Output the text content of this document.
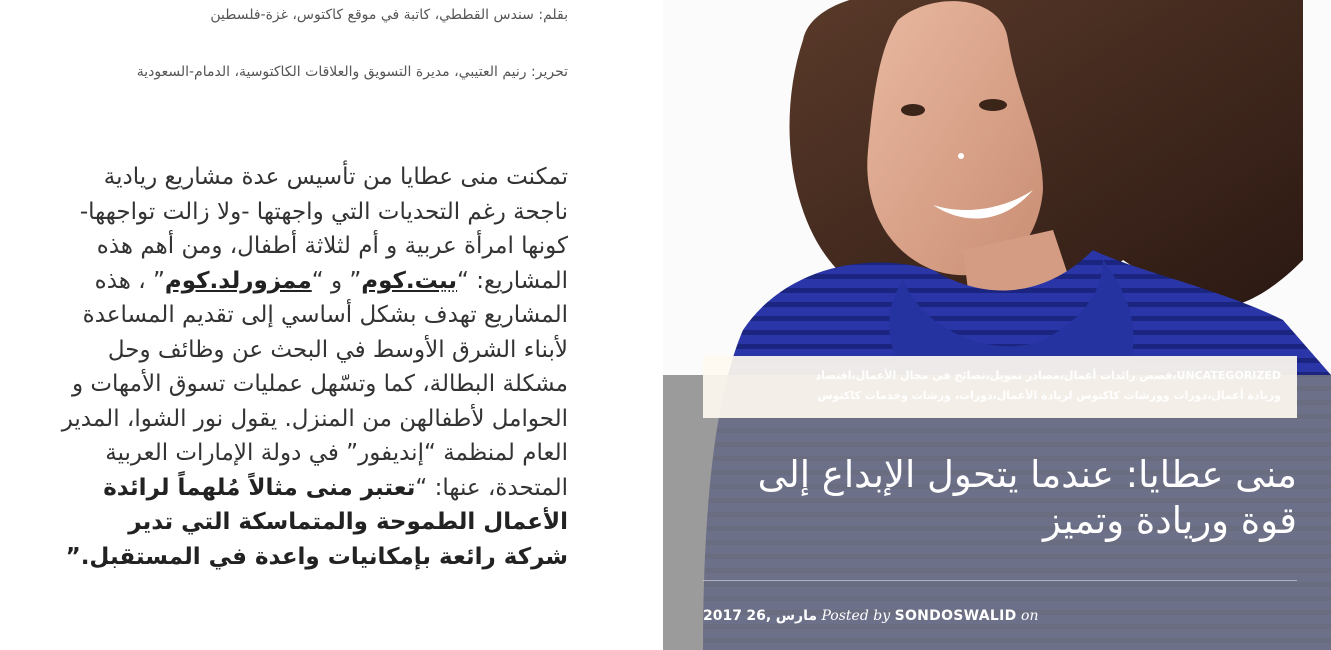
بقلم: سندس القططي، كاتبة في موقع كاكتوس، غزة-فلسطين
تحرير: رنيم العتيبي، مديرة التسويق والعلاقات الكاكتوسية، الدمام-السعودية
تمكنت منى عطايا من تأسيس عدة مشاريع ريادية ناجحة رغم التحديات التي واجهتها -ولا زالت تواجهها- كونها امرأة عربية و أم لثلاثة أطفال، ومن أهم هذه المشاريع: “بيت.كوم” و “ممزورلد.كوم” ، هذه المشاريع تهدف بشكل أساسي إلى تقديم المساعدة لأبناء الشرق الأوسط في البحث عن وظائف وحل مشكلة البطالة، كما وتسّهل عمليات تسوق الأمهات و الحوامل لأطفالهن من المنزل. يقول نور الشوا، المدير العام لمنظمة “إنديفور” في دولة الإمارات العربية المتحدة، عنها: “تعتبر منى مثالاً مُلهماً لرائدة الأعمال الطموحة والمتماسكة التي تدير شركة رائعة بإمكانيات واعدة في المستقبل.”
UNCATEGORIZED،قصص رائدات أعمال،مصادر تمويل،نصائح في مجال الأعمال،اقتصاد
وريادة أعمال،دورات وورشات كاكتوس لريادة الأعمال،دورات، ورشات وخدمات كاكتوس
منى عطايا: عندما يتحول الإبداع إلى قوة وريادة وتميز
2017 26, مارس Posted by SONDOSWALID on
